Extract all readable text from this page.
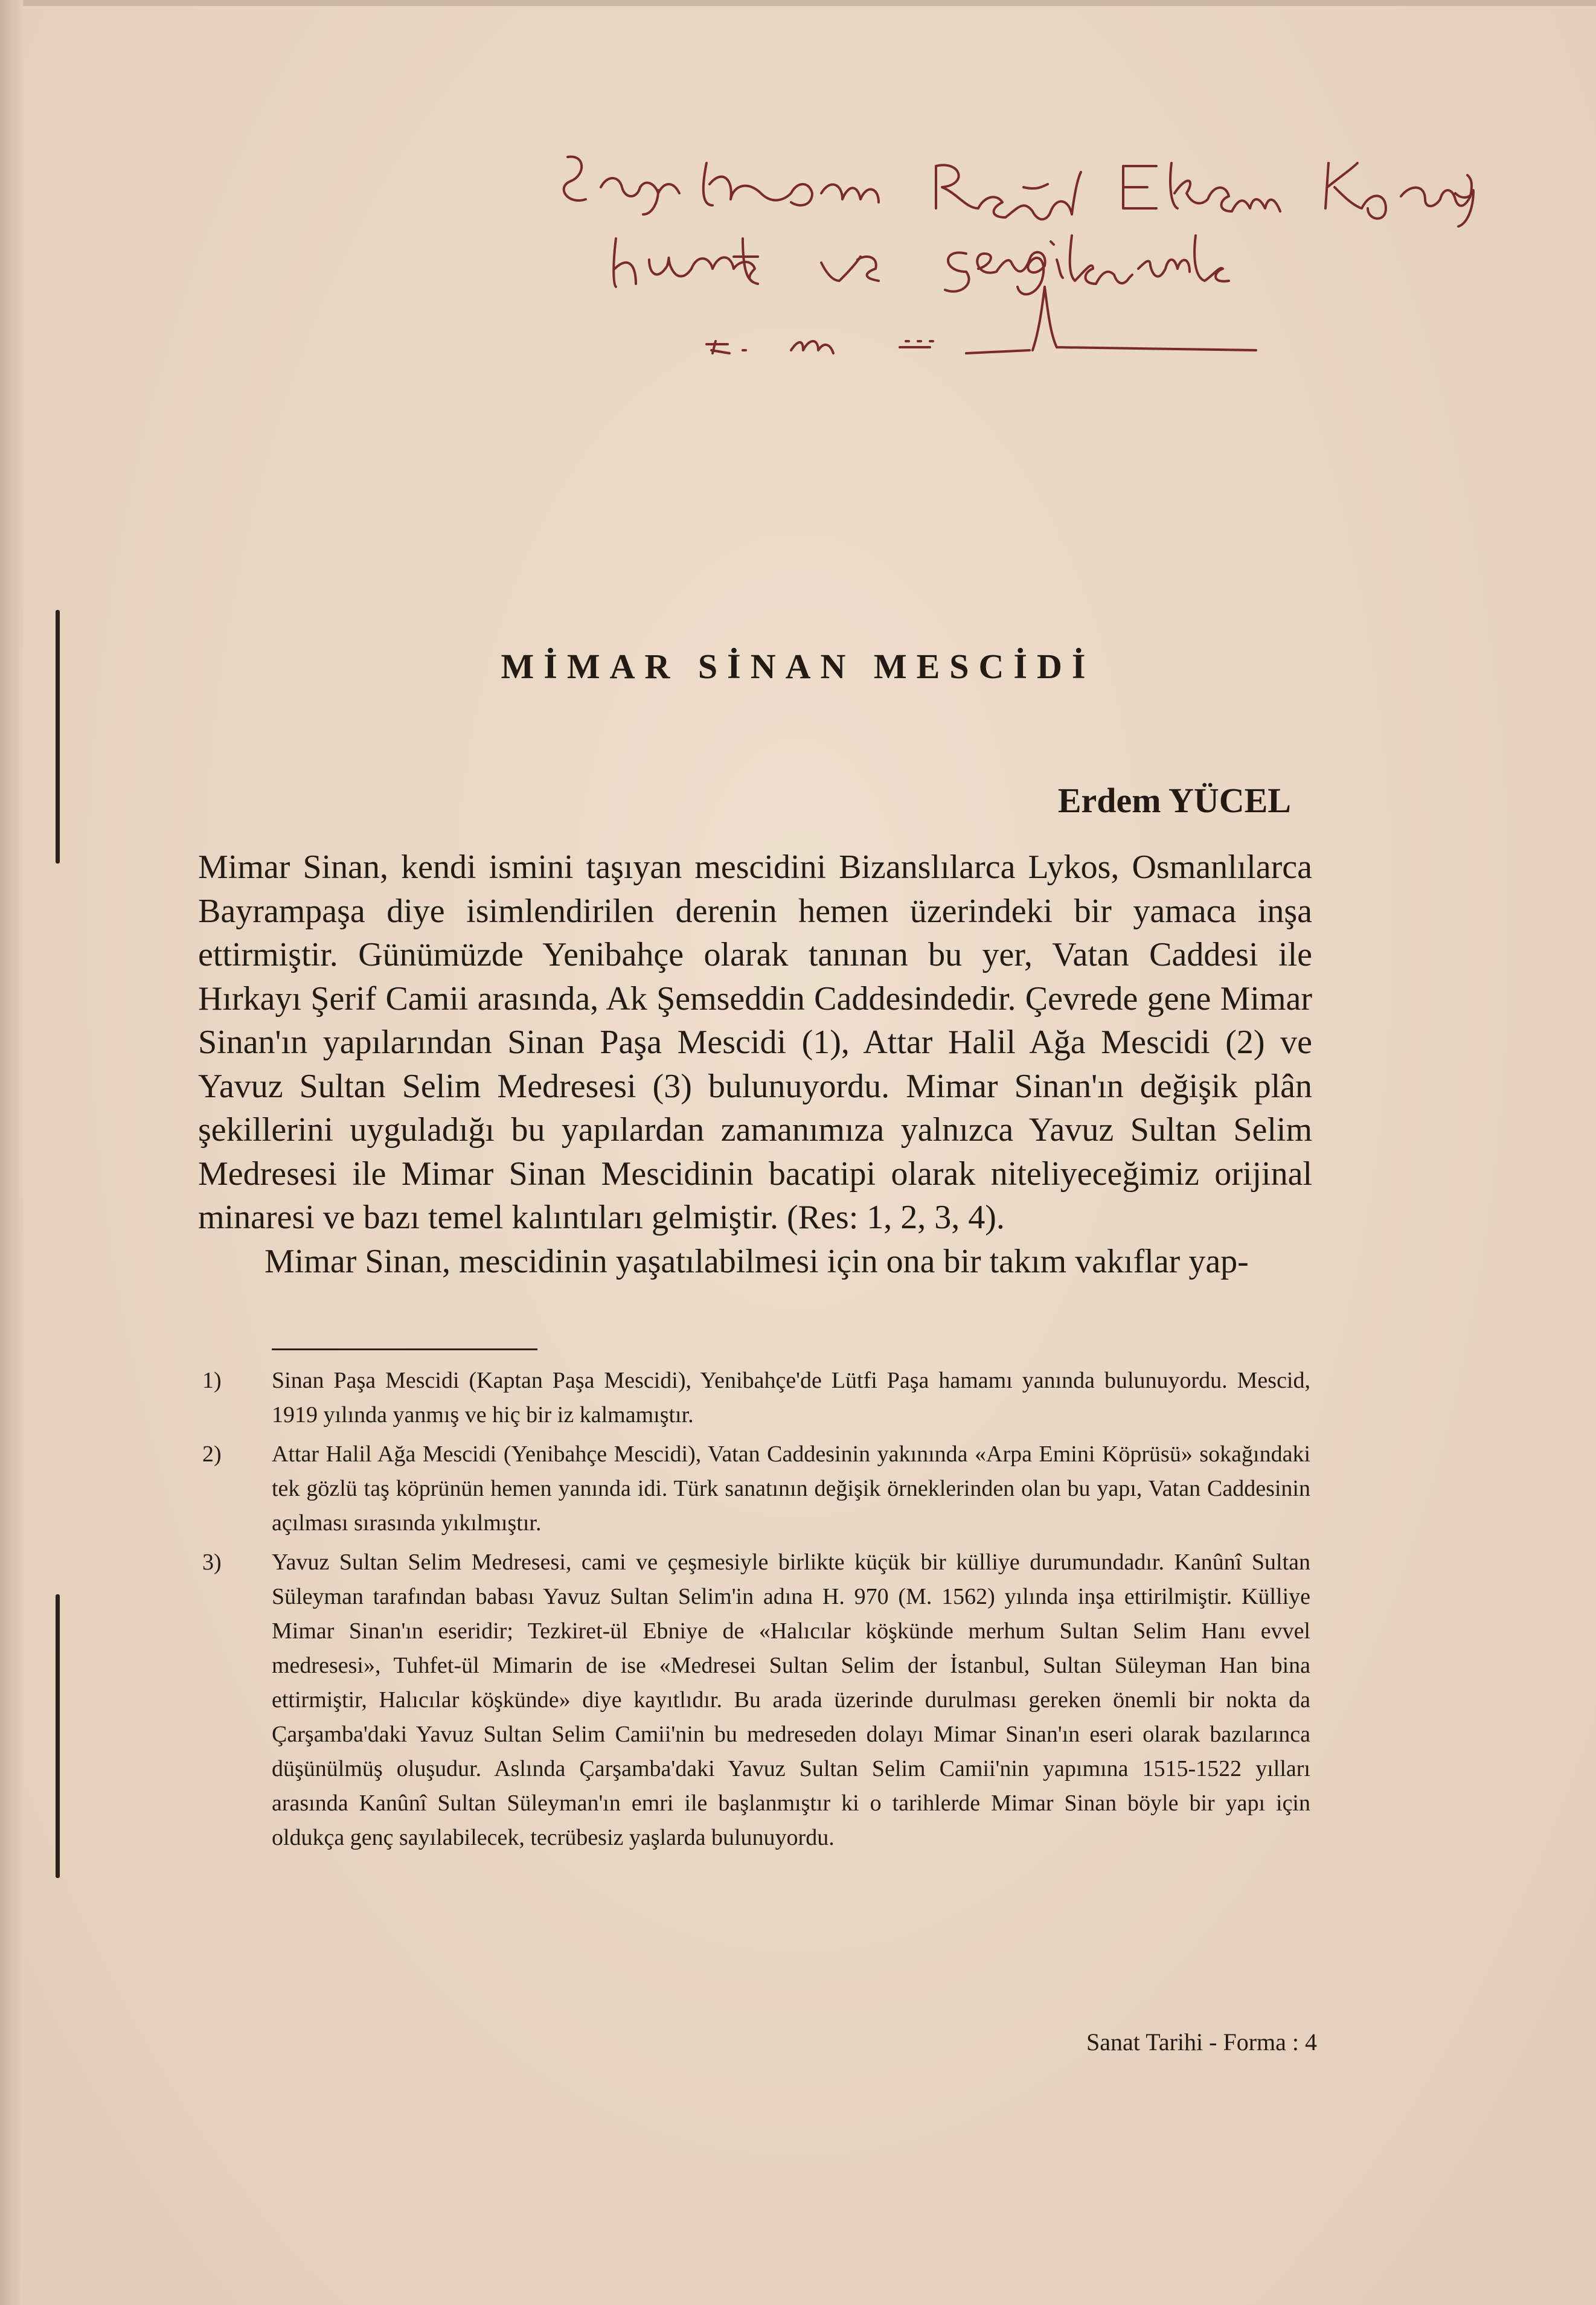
MİMAR SİNAN MESCİDİ
Erdem YÜCEL

Mimar Sinan, kendi ismini taşıyan mescidini Bizanslılarca Lykos, Osmanlılarca Bayrampaşa diye isimlendirilen derenin hemen üzerindeki bir yamaca inşa ettirmiştir. Günümüzde Yenibahçe olarak tanınan bu yer, Vatan Caddesi ile Hırkayı Şerif Camii arasında, Ak Şemseddin Caddesindedir. Çevrede gene Mimar Sinan'ın yapılarından Sinan Paşa Mescidi (1), Attar Halil Ağa Mescidi (2) ve Yavuz Sultan Selim Medresesi (3) bulunuyordu. Mimar Sinan'ın değişik plân şekillerini uyguladığı bu yapılardan zamanımıza yalnızca Yavuz Sultan Selim Medresesi ile Mimar Sinan Mescidinin bacatipi olarak niteliyeceğimiz orijinal minaresi ve bazı temel kalıntıları gelmiştir. (Res: 1, 2, 3, 4).

Mimar Sinan, mescidinin yaşatılabilmesi için ona bir takım vakıflar yap-

1) Sinan Paşa Mescidi (Kaptan Paşa Mescidi), Yenibahçe'de Lütfi Paşa hamamı yanında bulunuyordu. Mescid, 1919 yılında yanmış ve hiç bir iz kalmamıştır.
2) Attar Halil Ağa Mescidi (Yenibahçe Mescidi), Vatan Caddesinin yakınında «Arpa Emini Köprüsü» sokağındaki tek gözlü taş köprünün hemen yanında idi. Türk sanatının değişik örneklerinden olan bu yapı, Vatan Caddesinin açılması sırasında yıkılmıştır.
3) Yavuz Sultan Selim Medresesi, cami ve çeşmesiyle birlikte küçük bir külliye durumundadır. Kanûnî Sultan Süleyman tarafından babası Yavuz Sultan Selim'in adına H. 970 (M. 1562) yılında inşa ettirilmiştir. Külliye Mimar Sinan'ın eseridir; Tezkiret-ül Ebniye de «Halıcılar köşkünde merhum Sultan Selim Hanı evvel medresesi», Tuhfet-ül Mimarin de ise «Medresei Sultan Selim der İstanbul, Sultan Süleyman Han bina ettirmiştir, Halıcılar köşkünde» diye kayıtlıdır. Bu arada üzerinde durulması gereken önemli bir nokta da Çarşamba'daki Yavuz Sultan Selim Camii'nin bu medreseden dolayı Mimar Sinan'ın eseri olarak bazılarınca düşünülmüş oluşudur. Aslında Çarşamba'daki Yavuz Sultan Selim Camii'nin yapımına 1515-1522 yılları arasında Kanûnî Sultan Süleyman'ın emri ile başlanmıştır ki o tarihlerde Mimar Sinan böyle bir yapı için oldukça genç sayılabilecek, tecrübesiz yaşlarda bulunuyordu.
Sanat Tarihi - Forma : 4
